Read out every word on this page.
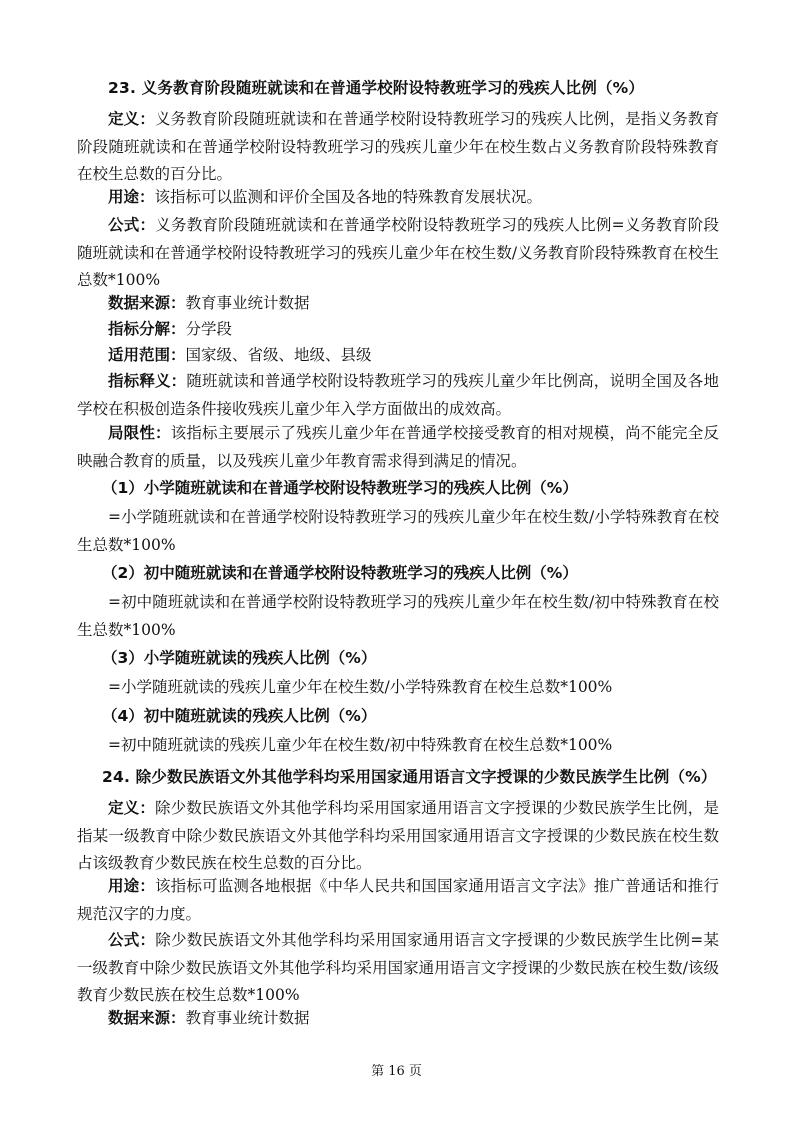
23. 义务教育阶段随班就读和在普通学校附设特教班学习的残疾人比例（%）
定义：义务教育阶段随班就读和在普通学校附设特教班学习的残疾人比例，是指义务教育阶段随班就读和在普通学校附设特教班学习的残疾儿童少年在校生数占义务教育阶段特殊教育在校生总数的百分比。
用途：该指标可以监测和评价全国及各地的特殊教育发展状况。
公式：义务教育阶段随班就读和在普通学校附设特教班学习的残疾人比例=义务教育阶段随班就读和在普通学校附设特教班学习的残疾儿童少年在校生数/义务教育阶段特殊教育在校生总数*100%
数据来源：教育事业统计数据
指标分解：分学段
适用范围：国家级、省级、地级、县级
指标释义：随班就读和普通学校附设特教班学习的残疾儿童少年比例高，说明全国及各地学校在积极创造条件接收残疾儿童少年入学方面做出的成效高。
局限性：该指标主要展示了残疾儿童少年在普通学校接受教育的相对规模，尚不能完全反映融合教育的质量，以及残疾儿童少年教育需求得到满足的情况。
（1）小学随班就读和在普通学校附设特教班学习的残疾人比例（%）
=小学随班就读和在普通学校附设特教班学习的残疾儿童少年在校生数/小学特殊教育在校生总数*100%
（2）初中随班就读和在普通学校附设特教班学习的残疾人比例（%）
=初中随班就读和在普通学校附设特教班学习的残疾儿童少年在校生数/初中特殊教育在校生总数*100%
（3）小学随班就读的残疾人比例（%）
=小学随班就读的残疾儿童少年在校生数/小学特殊教育在校生总数*100%
（4）初中随班就读的残疾人比例（%）
=初中随班就读的残疾儿童少年在校生数/初中特殊教育在校生总数*100%
24. 除少数民族语文外其他学科均采用国家通用语言文字授课的少数民族学生比例（%）
定义：除少数民族语文外其他学科均采用国家通用语言文字授课的少数民族学生比例，是指某一级教育中除少数民族语文外其他学科均采用国家通用语言文字授课的少数民族在校生数占该级教育少数民族在校生总数的百分比。
用途：该指标可监测各地根据《中华人民共和国国家通用语言文字法》推广普通话和推行规范汉字的力度。
公式：除少数民族语文外其他学科均采用国家通用语言文字授课的少数民族学生比例=某一级教育中除少数民族语文外其他学科均采用国家通用语言文字授课的少数民族在校生数/该级教育少数民族在校生总数*100%
数据来源：教育事业统计数据
第 16 页
